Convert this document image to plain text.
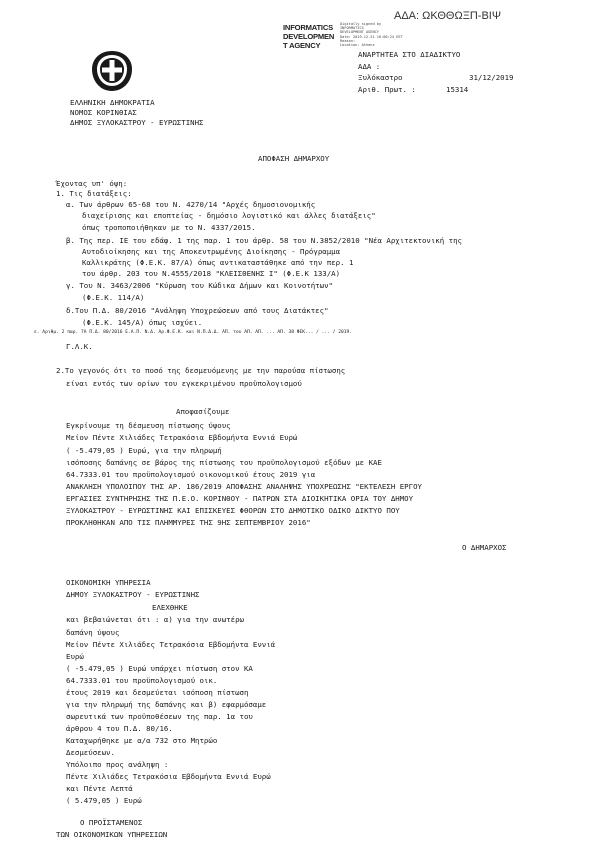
ΑΔΑ: ΩΚΘΘΩΞΠ-ΒΙΨ
INFORMATICS
DEVELOPMEN
T AGENCY
Digitally signed by
INFORMATICS
DEVELOPMENT AGENCY
Date: 2019.12.31 16:00:24 EET
Reason:
Location: Athens
ΑΝΑΡΤΗΤΕΑ ΣΤΟ ΔΙΑΔΙΚΤΥΟ
ΑΔΑ :
Ξυλόκαστρο	31/12/2019
Αριθ. Πρωτ. :	15314
ΕΛΛΗΝΙΚΗ ΔΗΜΟΚΡΑΤΙΑ
ΝΟΜΟΣ ΚΟΡΙΝΘΙΑΣ
ΔΗΜΟΣ ΞΥΛΟΚΑΣΤΡΟΥ - ΕΥΡΩΣΤΙΝΗΣ
ΑΠΟΦΑΣΗ ΔΗΜΑΡΧΟΥ
Έχοντας υπ' όψη:
1. Τις διατάξεις:
α. Των άρθρων 65-68 του Ν. 4270/14 "Αρχές δημοσιονομικής
διαχείρισης και εποπτείας - δημόσιο λογιστικό και άλλες διατάξεις"
όπως τροποποιήθηκαν με το Ν. 4337/2015.
β. Της περ. ΙΕ του εδάφ. 1 της παρ. 1 του άρθρ. 58 του Ν.3852/2010 "Νέα Αρχιτεκτονική της
Αυτοδιοίκησης και της Αποκεντρωμένης Διοίκησης - Πρόγραμμα
Καλλικράτης (Φ.Ε.Κ. 87/Α) όπως αντικαταστάθηκε από την περ. 1
του άρθρ. 203 του Ν.4555/2018 "ΚΛΕΙΣΘΕΝΗΣ Ι" (Φ.Ε.Κ 133/Α)
γ. Του Ν. 3463/2006 "Κύρωση του Κώδικα Δήμων και Κοινοτήτων"
(Φ.Ε.Κ. 114/Α)
δ.Του Π.Δ. 80/2016 "Ανάληψη Υποχρεώσεων από τους Διατάκτες"
(Φ.Ε.Κ. 145/Α) όπως ισχύει.
ε. Αριθμ. 2 παρ. 7Α Π.Δ. 80/2016 Ε.Α.Π. Ν.Δ. Αρ.Φ.Ε.Κ. και Ν.Π.Δ.Δ. ΑΠ. του ΑΠ. ΑΠ. ... ΑΠ. 38 ΦΕΚ... / ... / 2019.
Γ.Λ.Κ.
2.Το γεγονός ότι το ποσό της δεσμευόμενης με την παρούσα πίστωσης
είναι εντός των ορίων του εγκεκριμένου προϋπολογισμού
Αποφασίζουμε
Εγκρίνουμε τη δέσμευση πίστωσης ύψους
Μείον Πέντε Χιλιάδες Τετρακόσια Εβδομήντα Εννιά Ευρώ
( -5.479,05 ) Ευρώ, για την πληρωμή
ισόποσης δαπάνης σε βάρος της πίστωσης του προϋπολογισμού εξόδων με ΚΑΕ
64.7333.01 του προϋπολογισμού οικονομικού έτους 2019 για
ΑΝΑΚΛΗΣΗ ΥΠΟΛΟΙΠΟΥ ΤΗΣ ΑΡ. 186/2019 ΑΠΟΦΑΣΗΣ ΑΝΑΛΗΨΗΣ ΥΠΟΧΡΕΩΣΗΣ "ΕΚΤΕΛΕΣΗ ΕΡΓΟΥ
ΕΡΓΑΣΙΕΣ ΣΥΝΤΗΡΗΣΗΣ ΤΗΣ Π.Ε.Ο. ΚΟΡΙΝΘΟΥ - ΠΑΤΡΩΝ ΣΤΑ ΔΙΟΙΚΗΤΙΚΑ ΟΡΙΑ ΤΟΥ ΔΗΜΟΥ
ΞΥΛΟΚΑΣΤΡΟΥ - ΕΥΡΩΣΤΙΝΗΣ ΚΑΙ ΕΠΙΣΚΕΥΕΣ ΦΘΟΡΩΝ ΣΤΟ ΔΗΜΟΤΙΚΟ ΟΔΙΚΟ ΔΙΚΤΥΟ ΠΟΥ
ΠΡΟΚΛΗΘΗΚΑΝ ΑΠΟ ΤΙΣ ΠΛΗΜΜΥΡΕΣ ΤΗΣ 9ΗΣ ΣΕΠΤΕΜΒΡΙΟΥ 2016"
Ο ΔΗΜΑΡΧΟΣ
ΟΙΚΟΝΟΜΙΚΗ ΥΠΗΡΕΣΙΑ
ΔΗΜΟΥ ΞΥΛΟΚΑΣΤΡΟΥ - ΕΥΡΩΣΤΙΝΗΣ
ΕΛΕΧΘΗΚΕ
και βεβαιώνεται ότι : α) για την ανωτέρω
δαπάνη ύψους
Μείον Πέντε Χιλιάδες Τετρακόσια Εβδομήντα Εννιά
Ευρώ
( -5.479,05 ) Ευρώ υπάρχει πίστωση στον ΚΑ
64.7333.01 του προϋπολογισμού οικ.
έτους 2019 και δεσμεύεται ισόποση πίστωση
για την πληρωμή της δαπάνης και β) εφαρμόσαμε
σωρευτικά των προϋποθέσεων της παρ. 1α του
άρθρου 4 του Π.Δ. 80/16.
Καταχωρήθηκε με α/α 732 στο Μητρώο
Δεσμεύσεων.
Υπόλοιπο προς ανάληψη :
Πέντε Χιλιάδες Τετρακόσια Εβδομήντα Εννιά Ευρώ
και Πέντε Λεπτά
( 5.479,05 ) Ευρώ
Ο ΠΡΟΪΣΤΑΜΕΝΟΣ
ΤΩΝ ΟΙΚΟΝΟΜΙΚΩΝ ΥΠΗΡΕΣΙΩΝ
